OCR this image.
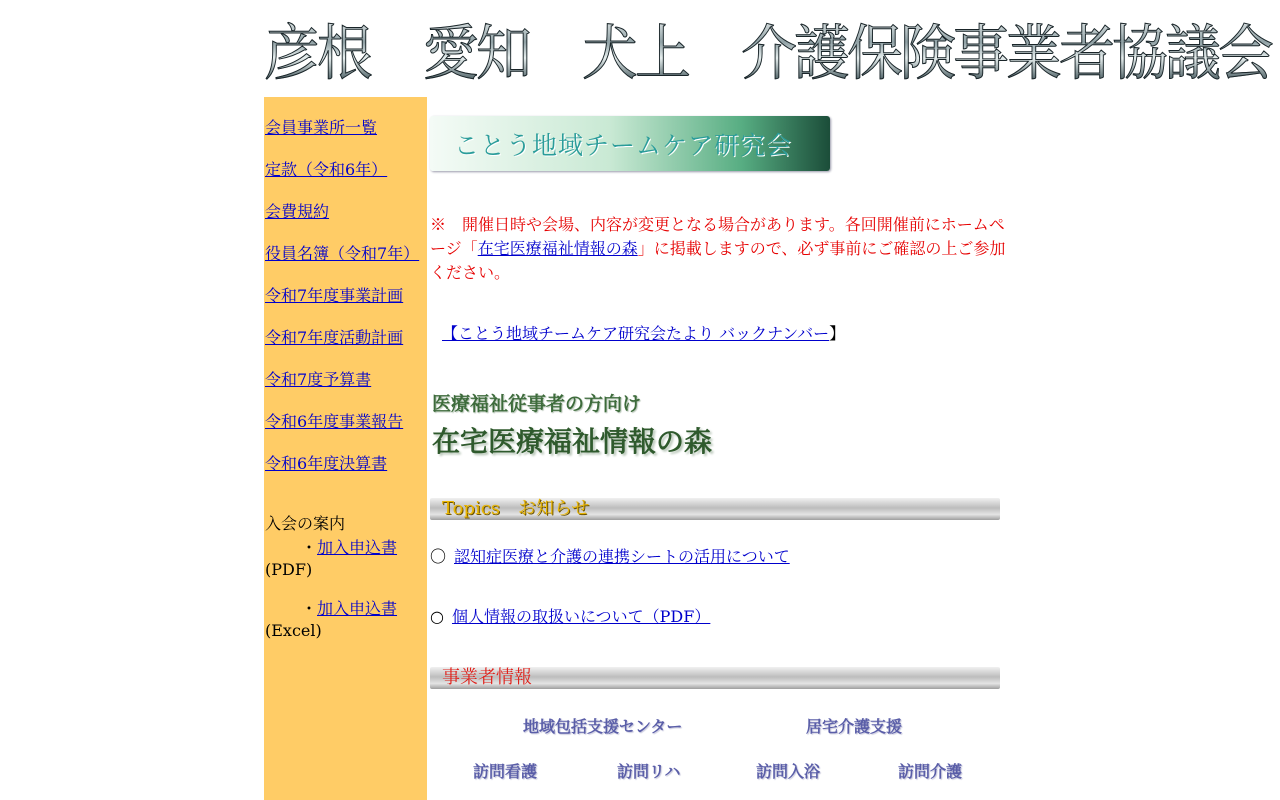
彦根　愛知　犬上　介護保険事業者協議会
会員事業所一覧
定款（令和6年）
会費規約
役員名簿（令和7年）
令和7年度事業計画
令和7年度活動計画
令和7度予算書
令和6年度事業報告
令和6年度決算書
入会の案内
・加入申込書
(PDF)
・加入申込書
(Excel)
ことう地域チームケア研究会
※　開催日時や会場、内容が変更となる場合があります。各回開催前にホームページ「在宅医療福祉情報の森」に掲載しますので、必ず事前にご確認の上ご参加ください。
【ことう地域チームケア研究会たより バックナンバー】
医療福祉従事者の方向け
在宅医療福祉情報の森
Topics　お知らせ
〇 認知症医療と介護の連携シートの活用について
○ 個人情報の取扱いについて（PDF）
事業者情報
地域包括支援センター	居宅介護支援
訪問看護	訪問リハ	訪問入浴	訪問介護
